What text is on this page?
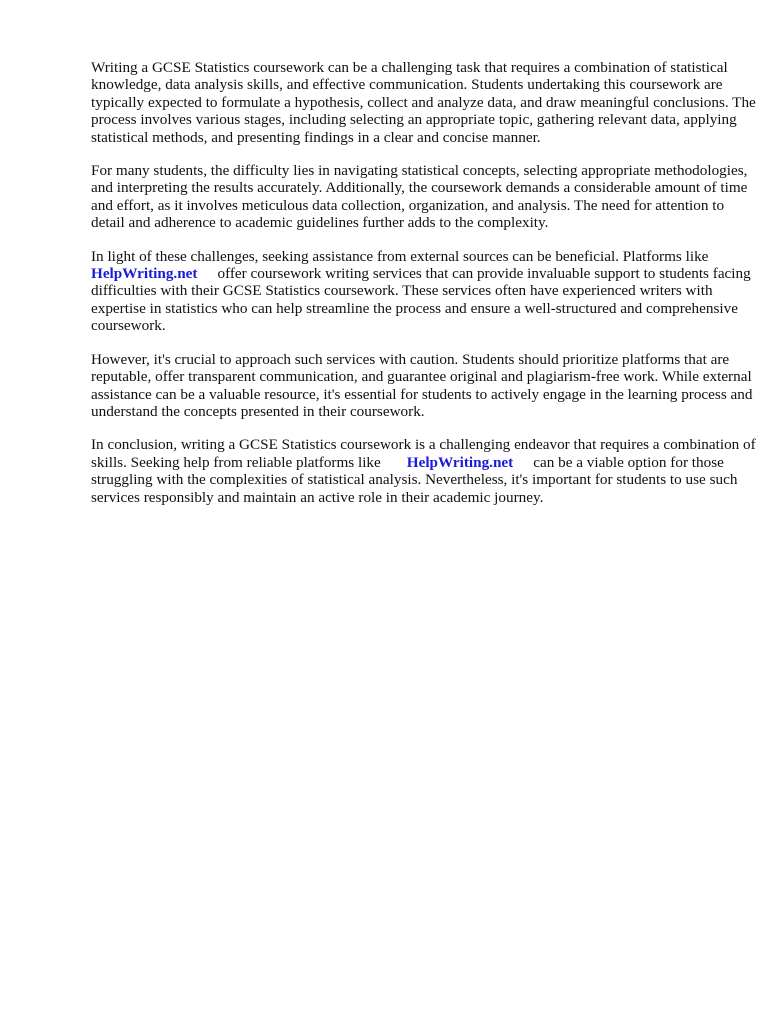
Writing a GCSE Statistics coursework can be a challenging task that requires a combination of statistical knowledge, data analysis skills, and effective communication. Students undertaking this coursework are typically expected to formulate a hypothesis, collect and analyze data, and draw meaningful conclusions. The process involves various stages, including selecting an appropriate topic, gathering relevant data, applying statistical methods, and presenting findings in a clear and concise manner.

For many students, the difficulty lies in navigating statistical concepts, selecting appropriate methodologies, and interpreting the results accurately. Additionally, the coursework demands a considerable amount of time and effort, as it involves meticulous data collection, organization, and analysis. The need for attention to detail and adherence to academic guidelines further adds to the complexity.

In light of these challenges, seeking assistance from external sources can be beneficial. Platforms likeHelpWriting.net offer coursework writing services that can provide invaluable support to students facing difficulties with their GCSE Statistics coursework. These services often have experienced writers with expertise in statistics who can help streamline the process and ensure a well-structured and comprehensive coursework.

However, it's crucial to approach such services with caution. Students should prioritize platforms that are reputable, offer transparent communication, and guarantee original and plagiarism-free work. While external assistance can be a valuable resource, it's essential for students to actively engage in the learning process and understand the concepts presented in their coursework.

In conclusion, writing a GCSE Statistics coursework is a challenging endeavor that requires a combination of skills. Seeking help from reliable platforms like HelpWriting.net can be a viable option for those struggling with the complexities of statistical analysis. Nevertheless, it's important for students to use such services responsibly and maintain an active role in their academic journey.
